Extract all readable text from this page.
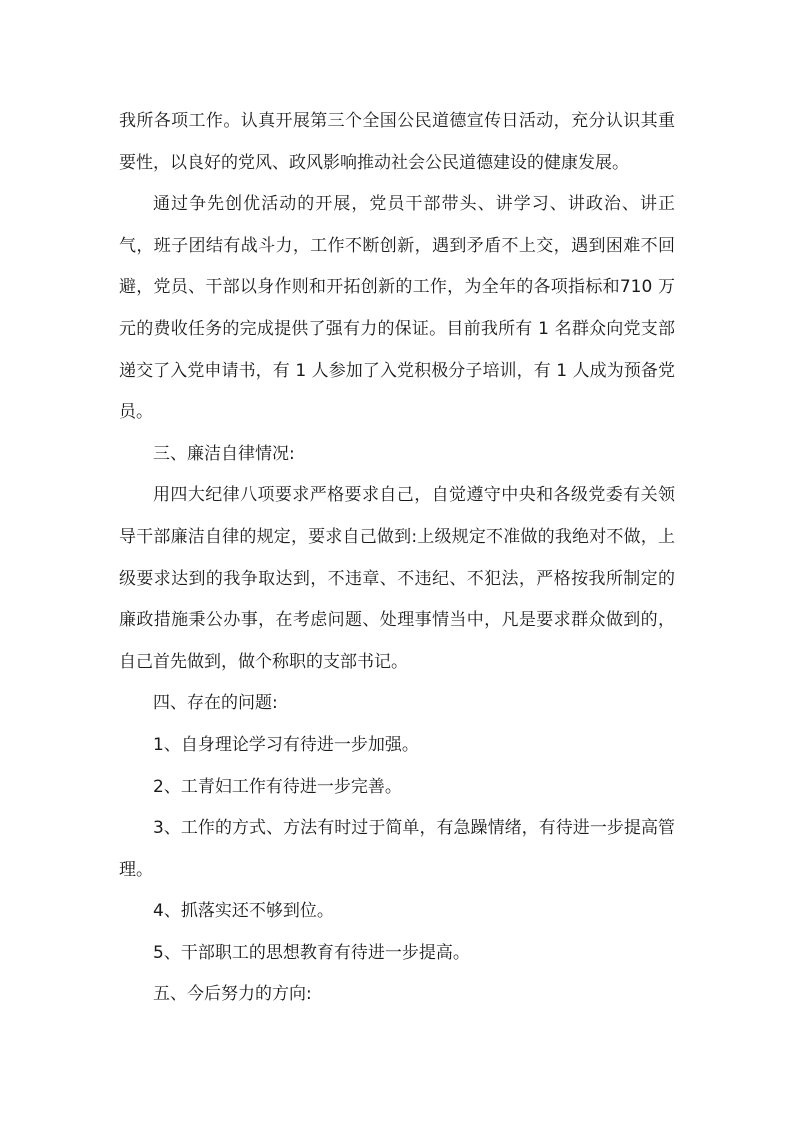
我所各项工作。认真开展第三个全国公民道德宣传日活动，充分认识其重要性，以良好的党风、政风影响推动社会公民道德建设的健康发展。

通过争先创优活动的开展，党员干部带头、讲学习、讲政治、讲正气，班子团结有战斗力，工作不断创新，遇到矛盾不上交，遇到困难不回避，党员、干部以身作则和开拓创新的工作，为全年的各项指标和710 万元的费收任务的完成提供了强有力的保证。目前我所有 1 名群众向党支部递交了入党申请书，有 1 人参加了入党积极分子培训，有 1 人成为预备党员。

三、廉洁自律情况:

用四大纪律八项要求严格要求自己，自觉遵守中央和各级党委有关领导干部廉洁自律的规定，要求自己做到:上级规定不准做的我绝对不做，上级要求达到的我争取达到，不违章、不违纪、不犯法，严格按我所制定的廉政措施秉公办事，在考虑问题、处理事情当中，凡是要求群众做到的，自己首先做到，做个称职的支部书记。

四、存在的问题:

1、自身理论学习有待进一步加强。

2、工青妇工作有待进一步完善。

3、工作的方式、方法有时过于简单，有急躁情绪，有待进一步提高管理。

4、抓落实还不够到位。

5、干部职工的思想教育有待进一步提高。

五、今后努力的方向:
